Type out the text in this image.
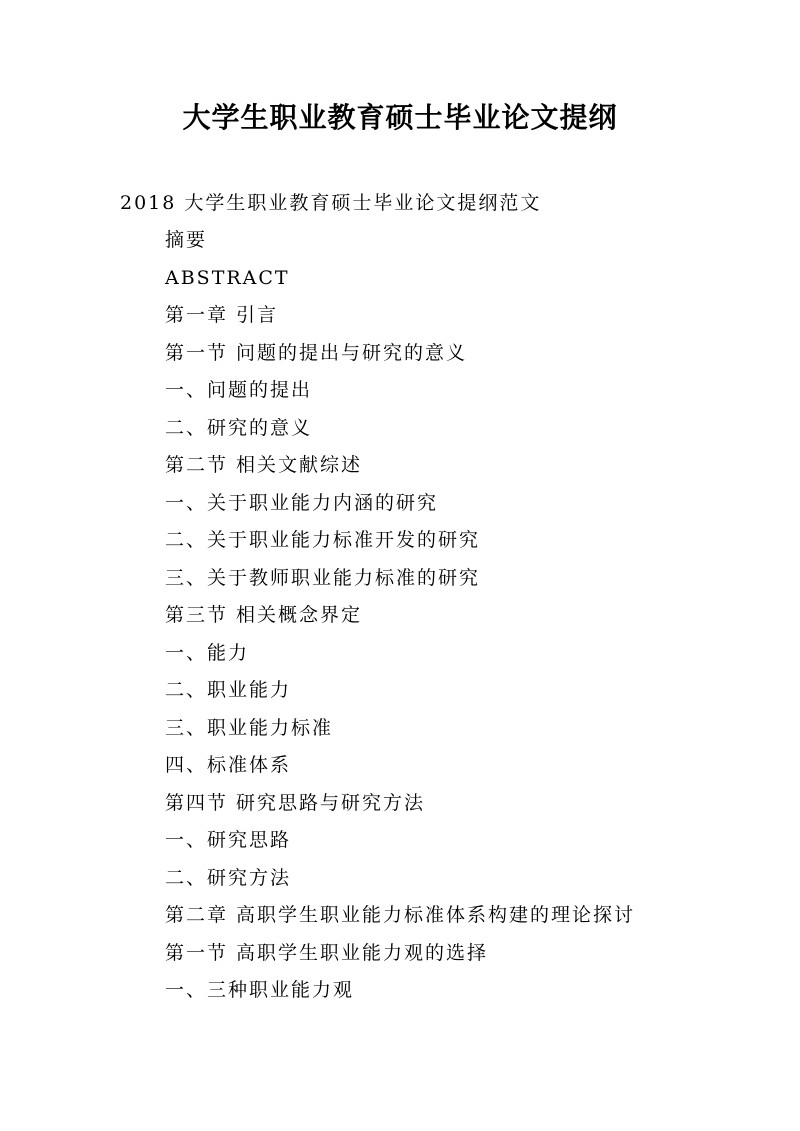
大学生职业教育硕士毕业论文提纲
2018 大学生职业教育硕士毕业论文提纲范文
摘要
ABSTRACT
第一章 引言
第一节 问题的提出与研究的意义
一、问题的提出
二、研究的意义
第二节 相关文献综述
一、关于职业能力内涵的研究
二、关于职业能力标准开发的研究
三、关于教师职业能力标准的研究
第三节 相关概念界定
一、能力
二、职业能力
三、职业能力标准
四、标准体系
第四节 研究思路与研究方法
一、研究思路
二、研究方法
第二章 高职学生职业能力标准体系构建的理论探讨
第一节 高职学生职业能力观的选择
一、三种职业能力观
